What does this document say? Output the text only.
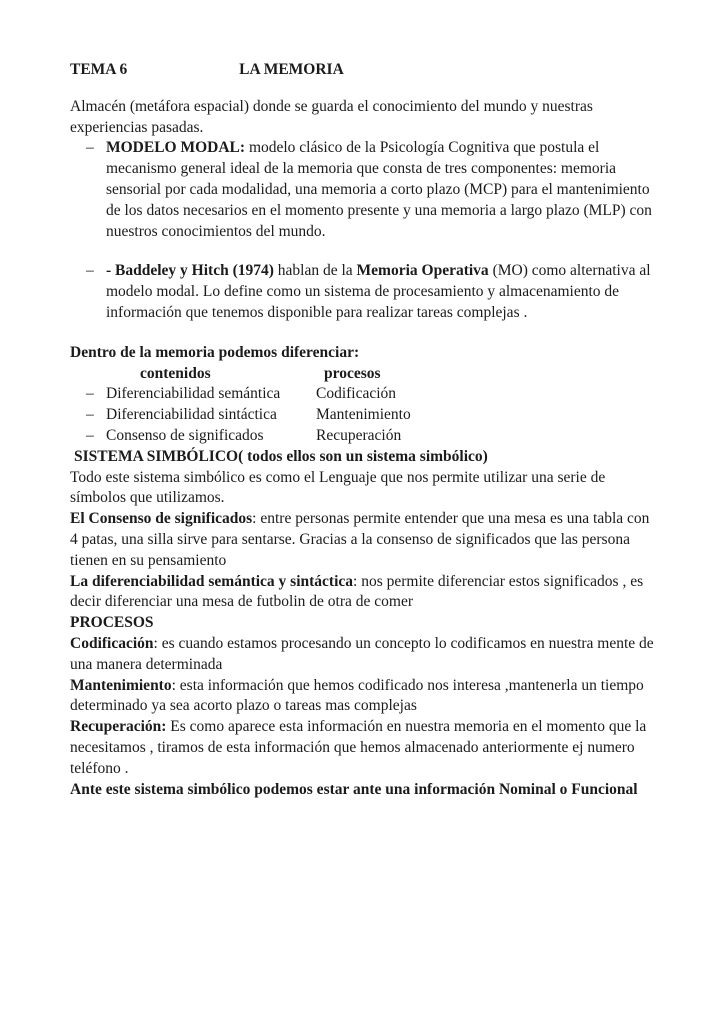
TEMA 6	LA MEMORIA

Almacén (metáfora espacial) donde se guarda el conocimiento del mundo y nuestras experiencias pasadas.

– MODELO MODAL: modelo clásico de la Psicología Cognitiva que postula el mecanismo general ideal de la memoria que consta de tres componentes: memoria sensorial por cada modalidad, una memoria a corto plazo (MCP) para el mantenimiento de los datos necesarios en el momento presente y una memoria a largo plazo (MLP) con nuestros conocimientos del mundo.
– - Baddeley y Hitch (1974) hablan de la Memoria Operativa (MO) como alternativa al modelo modal. Lo define como un sistema de procesamiento y almacenamiento de información que tenemos disponible para realizar tareas complejas .

Dentro de la memoria podemos diferenciar:

contenidos	procesos
– Diferenciabilidad semántica	Codificación
– Diferenciabilidad sintáctica	Mantenimiento
– Consenso de significados	Recuperación

SISTEMA SIMBÓLICO( todos ellos son un sistema simbólico)

Todo este sistema simbólico es como el Lenguaje que nos permite utilizar una serie de símbolos que utilizamos.

El Consenso de significados: entre personas permite entender que una mesa es una tabla con 4 patas, una silla sirve para sentarse. Gracias a la consenso de significados que las persona tienen en su pensamiento

La diferenciabilidad semántica y sintáctica: nos permite diferenciar estos significados , es decir diferenciar una mesa de futbolin de otra de comer

PROCESOS

Codificación: es cuando estamos procesando un concepto lo codificamos en nuestra mente de una manera determinada

Mantenimiento: esta información que hemos codificado nos interesa ,mantenerla un tiempo determinado ya sea acorto plazo o tareas mas complejas

Recuperación: Es como aparece esta información en nuestra memoria en el momento que la necesitamos , tiramos de esta información que hemos almacenado anteriormente ej numero teléfono .

Ante este sistema simbólico podemos estar ante una información Nominal o Funcional
